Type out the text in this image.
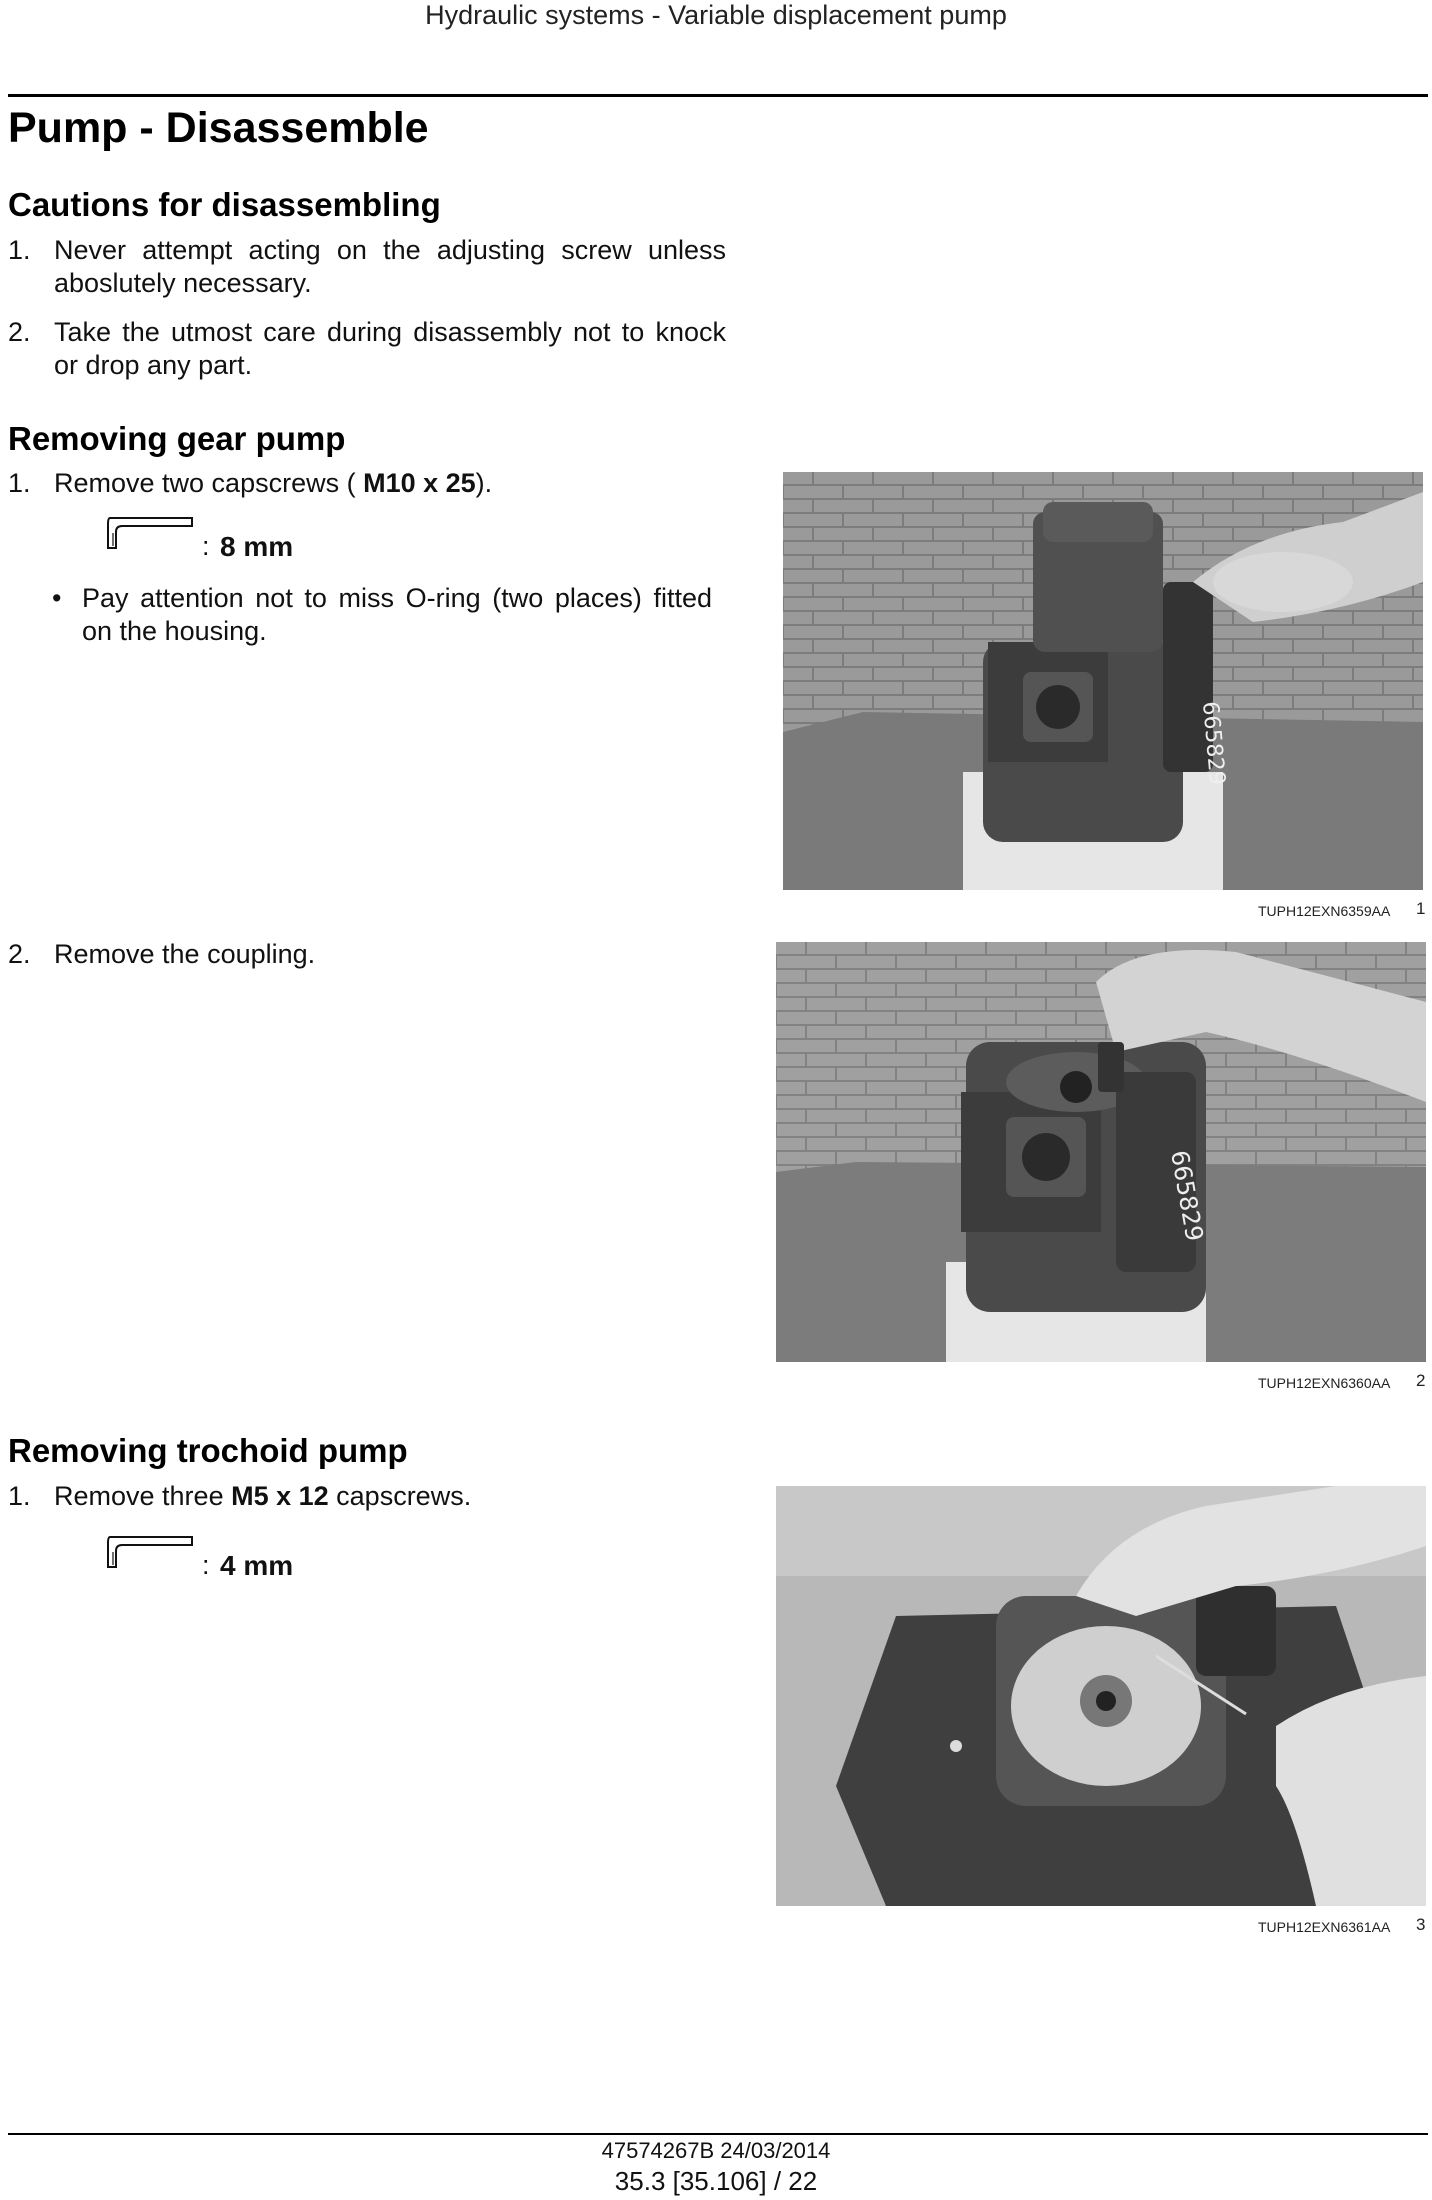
Hydraulic systems - Variable displacement pump
Pump - Disassemble
Cautions for disassembling
1. Never attempt acting on the adjusting screw unless aboslutely necessary.
2. Take the utmost care during disassembly not to knock or drop any part.
Removing gear pump
1. Remove two capscrews ( M10 x 25).
: 8 mm
• Pay attention not to miss O-ring (two places) fitted on the housing.
665829
TUPH12EXN6359AA 1
2. Remove the coupling.
665829
TUPH12EXN6360AA 2
Removing trochoid pump
1. Remove three M5 x 12 capscrews.
: 4 mm
TUPH12EXN6361AA 3
47574267B 24/03/2014
35.3 [35.106] / 22
